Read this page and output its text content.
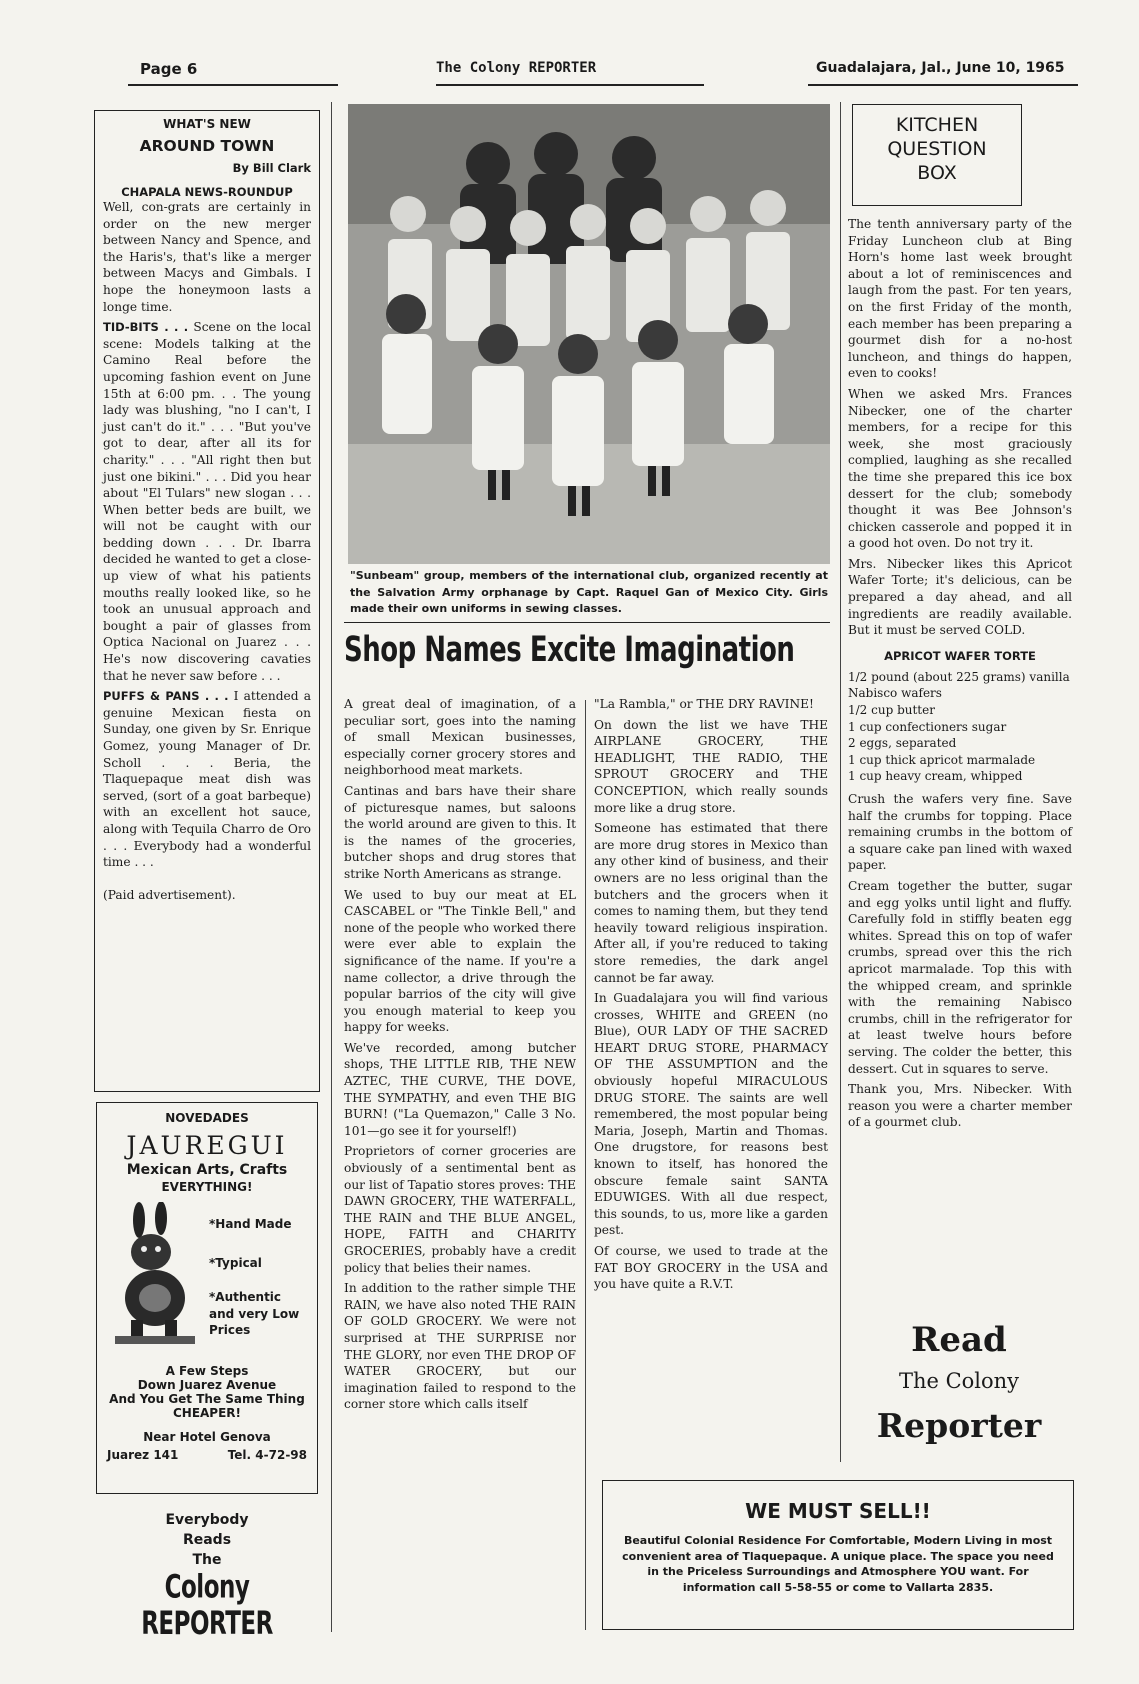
Page 6	The Colony REPORTER	Guadalajara, Jal., June 10, 1965
WHAT'S NEW
AROUND TOWN
By Bill Clark
CHAPALA NEWS-ROUNDUP

Well, con-grats are certainly in order on the new merger between Nancy and Spence, and the Haris's, that's like a merger between Macys and Gimbals. I hope the honeymoon lasts a longe time.

TID-BITS . . . Scene on the local scene: Models talking at the Camino Real before the upcoming fashion event on June 15th at 6:00 pm. . . The young lady was blushing, "no I can't, I just can't do it." . . . "But you've got to dear, after all its for charity." . . . "All right then but just one bikini." . . . Did you hear about "El Tulars" new slogan . . . When better beds are built, we will not be caught with our bedding down . . . Dr. Ibarra decided he wanted to get a close-up view of what his patients mouths really looked like, so he took an unusual approach and bought a pair of glasses from Optica Nacional on Juarez . . . He's now discovering cavaties that he never saw before . . .

PUFFS & PANS . . . I attended a genuine Mexican fiesta on Sunday, one given by Sr. Enrique Gomez, young Manager of Dr. Scholl . . . Beria, the Tlaquepaque meat dish was served, (sort of a goat barbeque) with an excellent hot sauce, along with Tequila Charro de Oro . . . Everybody had a wonderful time . . .

(Paid advertisement).

NOVEDADES
JAUREGUI
Mexican Arts, Crafts
EVERYTHING!
*Hand Made
*Typical
*Authentic and very Low Prices
A Few Steps
Down Juarez Avenue
And You Get The Same Thing
CHEAPER!
Near Hotel Genova
Juarez 141	Tel. 4-72-98
Everybody
Reads
The
Colony REPORTER

"Sunbeam" group, members of the international club, organized recently at the Salvation Army orphanage by Capt. Raquel Gan of Mexico City. Girls made their own uniforms in sewing classes.

Shop Names Excite Imagination

A great deal of imagination, of a peculiar sort, goes into the naming of small Mexican businesses, especially corner grocery stores and neighborhood meat markets.

Cantinas and bars have their share of picturesque names, but saloons the world around are given to this. It is the names of the groceries, butcher shops and drug stores that strike North Americans as strange.

We used to buy our meat at EL CASCABEL or "The Tinkle Bell," and none of the people who worked there were ever able to explain the significance of the name. If you're a name collector, a drive through the popular barrios of the city will give you enough material to keep you happy for weeks.

We've recorded, among butcher shops, THE LITTLE RIB, THE NEW AZTEC, THE CURVE, THE DOVE, THE SYMPATHY, and even THE BIG BURN! ("La Quemazon," Calle 3 No. 101—go see it for yourself!)

Proprietors of corner groceries are obviously of a sentimental bent as our list of Tapatio stores proves: THE DAWN GROCERY, THE WATERFALL, THE RAIN and THE BLUE ANGEL, HOPE, FAITH and CHARITY GROCERIES, probably have a credit policy that belies their names.

In addition to the rather simple THE RAIN, we have also noted THE RAIN OF GOLD GROCERY. We were not surprised at THE SURPRISE nor THE GLORY, nor even THE DROP OF WATER GROCERY, but our imagination failed to respond to the corner store which calls itself

"La Rambla," or THE DRY RAVINE!

On down the list we have THE AIRPLANE GROCERY, THE HEADLIGHT, THE RADIO, THE SPROUT GROCERY and THE CONCEPTION, which really sounds more like a drug store.

Someone has estimated that there are more drug stores in Mexico than any other kind of business, and their owners are no less original than the butchers and the grocers when it comes to naming them, but they tend heavily toward religious inspiration. After all, if you're reduced to taking store remedies, the dark angel cannot be far away.

In Guadalajara you will find various crosses, WHITE and GREEN (no Blue), OUR LADY OF THE SACRED HEART DRUG STORE, PHARMACY OF THE ASSUMPTION and the obviously hopeful MIRACULOUS DRUG STORE. The saints are well remembered, the most popular being Maria, Joseph, Martin and Thomas. One drugstore, for reasons best known to itself, has honored the obscure female saint SANTA EDUWIGES. With all due respect, this sounds, to us, more like a garden pest.

Of course, we used to trade at the FAT BOY GROCERY in the USA and you have quite a R.V.T.

KITCHEN
QUESTION
BOX

The tenth anniversary party of the Friday Luncheon club at Bing Horn's home last week brought about a lot of reminiscences and laugh from the past. For ten years, on the first Friday of the month, each member has been preparing a gourmet dish for a no-host luncheon, and things do happen, even to cooks!

When we asked Mrs. Frances Nibecker, one of the charter members, for a recipe for this week, she most graciously complied, laughing as she recalled the time she prepared this ice box dessert for the club; somebody thought it was Bee Johnson's chicken casserole and popped it in a good hot oven. Do not try it.

Mrs. Nibecker likes this Apricot Wafer Torte; it's delicious, can be prepared a day ahead, and all ingredients are readily available. But it must be served COLD.

APRICOT WAFER TORTE
1/2 pound (about 225 grams) vanilla Nabisco wafers
1/2 cup butter
1 cup confectioners sugar
2 eggs, separated
1 cup thick apricot marmalade
1 cup heavy cream, whipped

Crush the wafers very fine. Save half the crumbs for topping. Place remaining crumbs in the bottom of a square cake pan lined with waxed paper.

Cream together the butter, sugar and egg yolks until light and fluffy. Carefully fold in stiffly beaten egg whites. Spread this on top of wafer crumbs, spread over this the rich apricot marmalade. Top this with the whipped cream, and sprinkle with the remaining Nabisco crumbs, chill in the refrigerator for at least twelve hours before serving. The colder the better, this dessert. Cut in squares to serve.

Thank you, Mrs. Nibecker. With reason you were a charter member of a gourmet club.

Read
The Colony
Reporter
WE MUST SELL!!

Beautiful Colonial Residence For Comfortable, Modern Living in most convenient area of Tlaquepaque. A unique place. The space you need in the Priceless Surroundings and Atmosphere YOU want. For information call 5-58-55 or come to Vallarta 2835.
